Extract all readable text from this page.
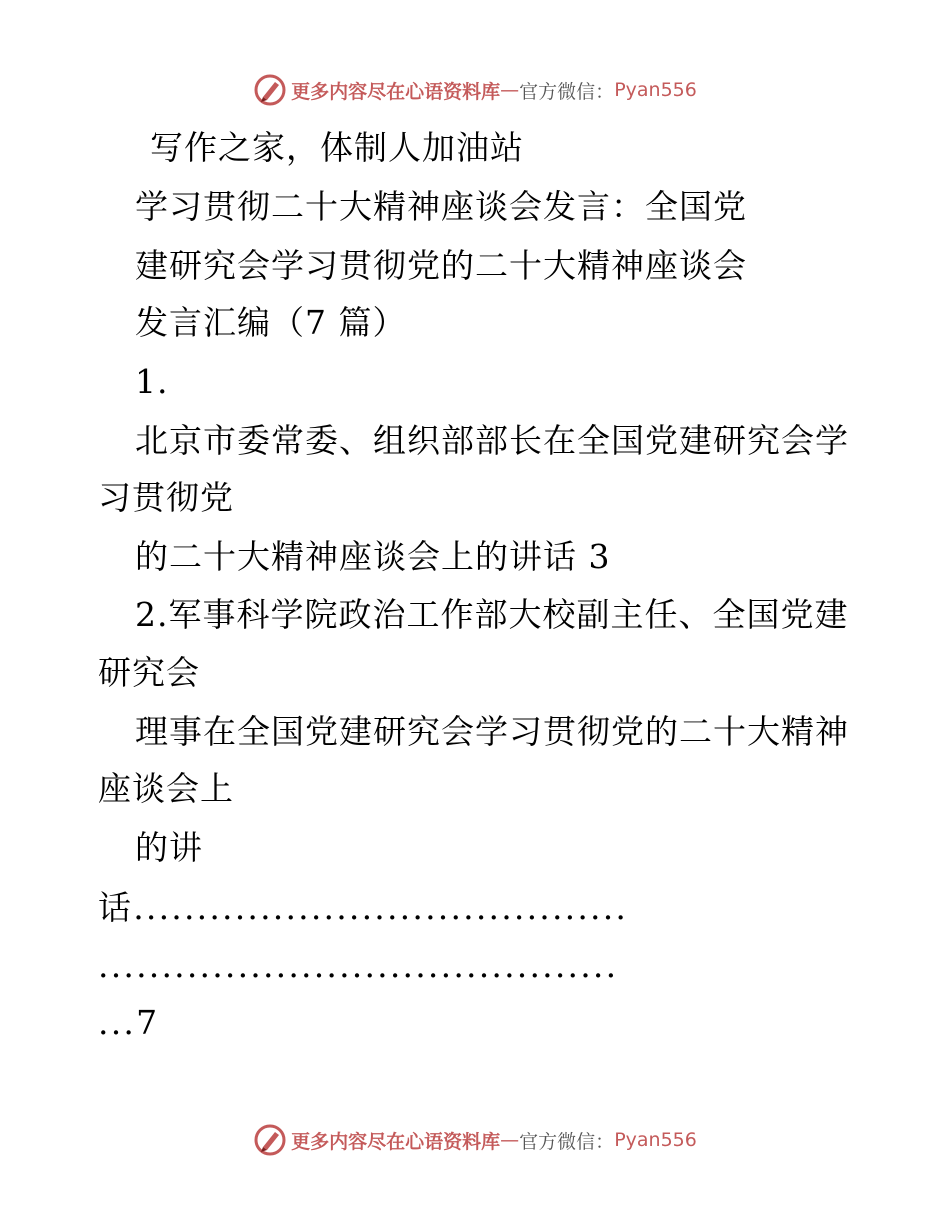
更多内容尽在心语资料库 — 官方微信： Pyan556
写作之家，体制人加油站
学习贯彻二十大精神座谈会发言：全国党
建研究会学习贯彻党的二十大精神座谈会
发言汇编（7 篇）
1.
北京市委常委、组织部部长在全国党建研究会学
习贯彻党
的二十大精神座谈会上的讲话 3
2.军事科学院政治工作部大校副主任、全国党建
研究会
理事在全国党建研究会学习贯彻党的二十大精神
座谈会上
的讲
话.......................................
.........................................
...7
更多内容尽在心语资料库 — 官方微信： Pyan556
